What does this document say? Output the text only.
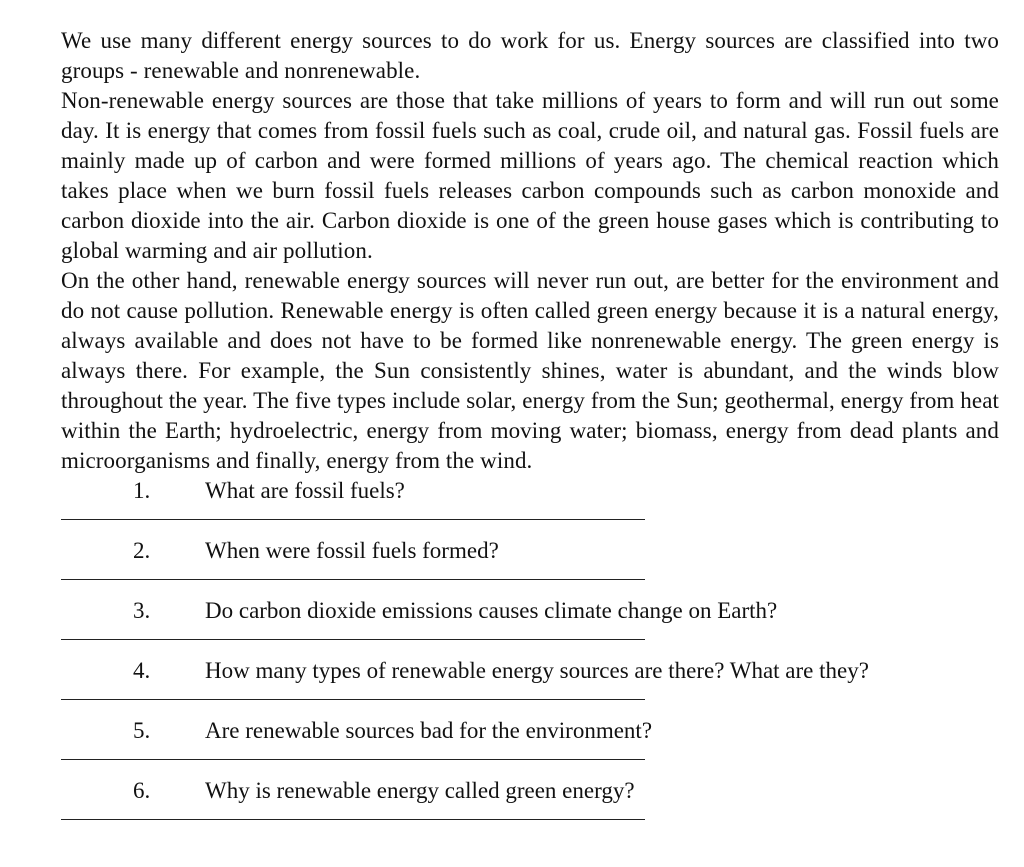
We use many different energy sources to do work for us. Energy sources are classified into two groups - renewable and nonrenewable.

Non-renewable energy sources are those that take millions of years to form and will run out some day. It is energy that comes from fossil fuels such as coal, crude oil, and natural gas. Fossil fuels are mainly made up of carbon and were formed millions of years ago. The chemical reaction which takes place when we burn fossil fuels releases carbon compounds such as carbon monoxide and carbon dioxide into the air. Carbon dioxide is one of the green house gases which is contributing to global warming and air pollution.

On the other hand, renewable energy sources will never run out, are better for the environment and do not cause pollution. Renewable energy is often called green energy because it is a natural energy, always available and does not have to be formed like nonrenewable energy. The green energy is always there. For example, the Sun consistently shines, water is abundant, and the winds blow throughout the year. The five types include solar, energy from the Sun; geothermal, energy from heat within the Earth; hydroelectric, energy from moving water; biomass, energy from dead plants and microorganisms and finally, energy from the wind.

1. What are fossil fuels?
2. When were fossil fuels formed?
3. Do carbon dioxide emissions causes climate change on Earth?
4. How many types of renewable energy sources are there? What are they?
5. Are renewable sources bad for the environment?
6. Why is renewable energy called green energy?
